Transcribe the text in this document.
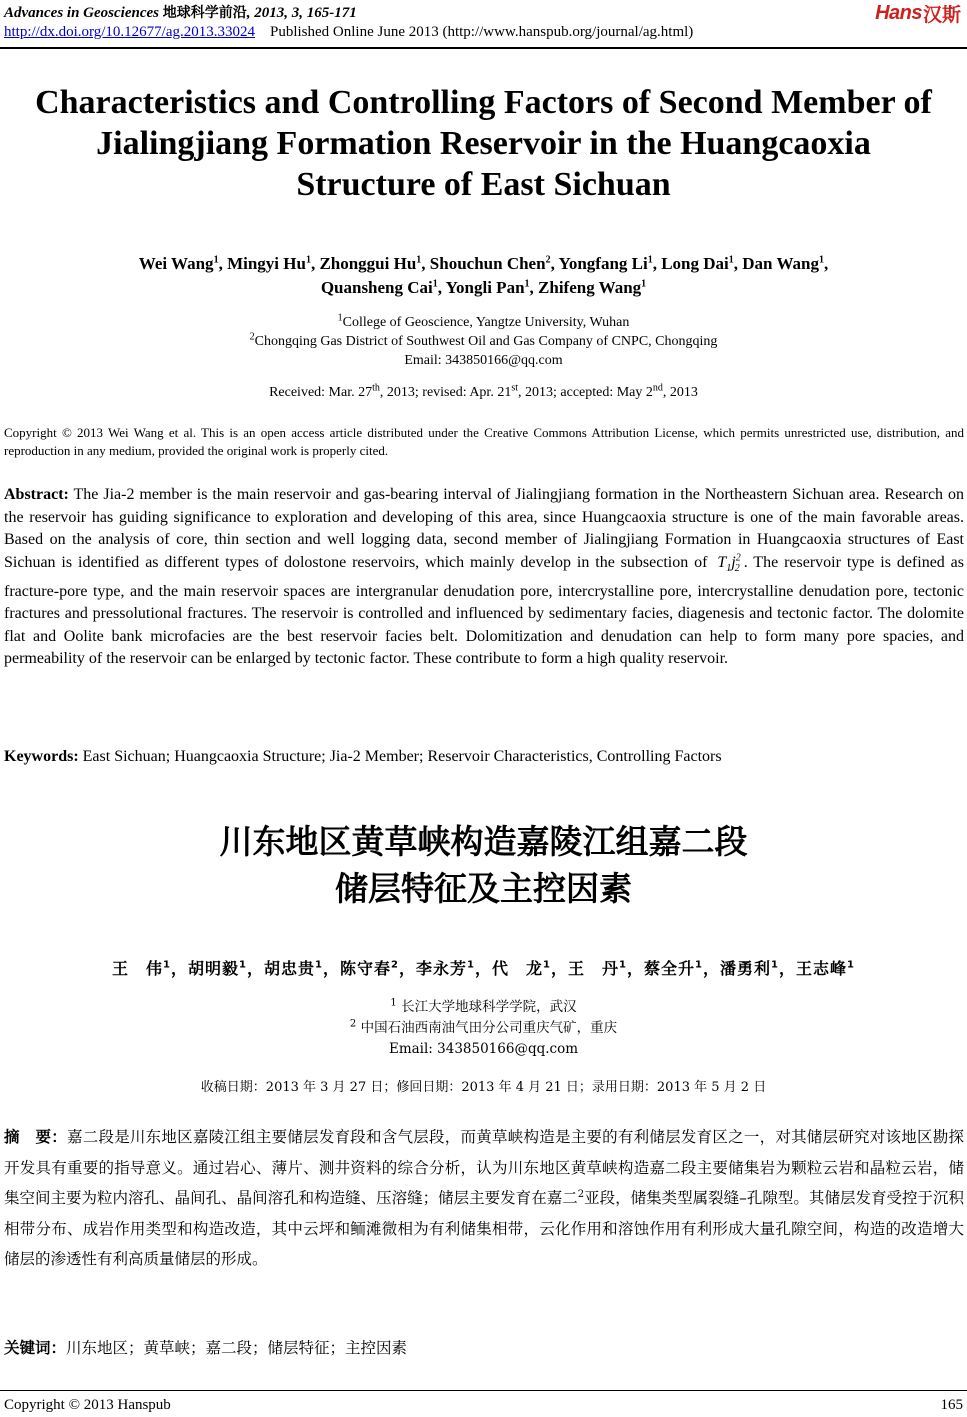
Advances in Geosciences 地球科学前沿, 2013, 3, 165-171
http://dx.doi.org/10.12677/ag.2013.33024 Published Online June 2013 (http://www.hanspub.org/journal/ag.html)
Hans 汉斯
Characteristics and Controlling Factors of Second Member of
Jialingjiang Formation Reservoir in the Huangcaoxia
Structure of East Sichuan
Wei Wang$^1$, Mingyi Hu$^1$, Zhonggui Hu$^1$, Shouchun Chen$^2$, Yongfang Li$^1$, Long Dai$^1$, Dan Wang$^1$,
Quansheng Cai$^1$, Yongli Pan$^1$, Zhifeng Wang$^1$
$^1$College of Geoscience, Yangtze University, Wuhan
$^2$Chongqing Gas District of Southwest Oil and Gas Company of CNPC, Chongqing
Email: 343850166@qq.com
Received: Mar. 27th, 2013; revised: Apr. 21st, 2013; accepted: May 2nd, 2013
Copyright © 2013 Wei Wang et al. This is an open access article distributed under the Creative Commons Attribution License, which permits unrestricted use, distribution, and reproduction in any medium, provided the original work is properly cited.
Abstract: The Jia-2 member is the main reservoir and gas-bearing interval of Jialingjiang formation in the Northeastern Sichuan area. Research on the reservoir has guiding significance to exploration and developing of this area, since Huangcaoxia structure is one of the main favorable areas. Based on the analysis of core, thin section and well logging data, second member of Jialingjiang Formation in Huangcaoxia structures of East Sichuan is identified as different types of dolostone reservoirs, which mainly develop in the subsection of $T_1j^2_2$ . The reservoir type is defined as fracture-pore type, and the main reservoir spaces are intergranular denudation pore, intercrystalline pore, intercrystalline denudation pore, tectonic fractures and pressolutional fractures. The reservoir is controlled and influenced by sedimentary facies, diagenesis and tectonic factor. The dolomite flat and Oolite bank microfacies are the best reservoir facies belt. Dolomitization and denudation can help to form many pore spacies, and permeability of the reservoir can be enlarged by tectonic factor. These contribute to form a high quality reservoir.
Keywords: East Sichuan; Huangcaoxia Structure; Jia-2 Member; Reservoir Characteristics, Controlling Factors
川东地区黄草峡构造嘉陵江组嘉二段
储层特征及主控因素
王　伟$^1$，胡明毅$^1$，胡忠贵$^1$，陈守春$^2$，李永芳$^1$，代　龙$^1$，王　丹$^1$，蔡全升$^1$，潘勇利$^1$，王志峰$^1$
$^1$ 长江大学地球科学学院，武汉
$^2$ 中国石油西南油气田分公司重庆气矿，重庆
Email: 343850166@qq.com
收稿日期：2013 年 3 月 27 日；修回日期：2013 年 4 月 21 日；录用日期：2013 年 5 月 2 日
摘　要：嘉二段是川东地区嘉陵江组主要储层发育段和含气层段，而黄草峡构造是主要的有利储层发育区之一，对其储层研究对该地区勘探开发具有重要的指导意义。通过岩心、薄片、测井资料的综合分析，认为川东地区黄草峡构造嘉二段主要储集岩为颗粒云岩和晶粒云岩，储集空间主要为粒内溶孔、晶间孔、晶间溶孔和构造缝、压溶缝；储层主要发育在嘉二$^2$亚段，储集类型属裂缝–孔隙型。其储层发育受控于沉积相带分布、成岩作用类型和构造改造，其中云坪和鲕滩微相为有利储集相带，云化作用和溶蚀作用有利形成大量孔隙空间，构造的改造增大储层的渗透性有利高质量储层的形成。
关键词：川东地区；黄草峡；嘉二段；储层特征；主控因素
Copyright © 2013 Hanspub	165
